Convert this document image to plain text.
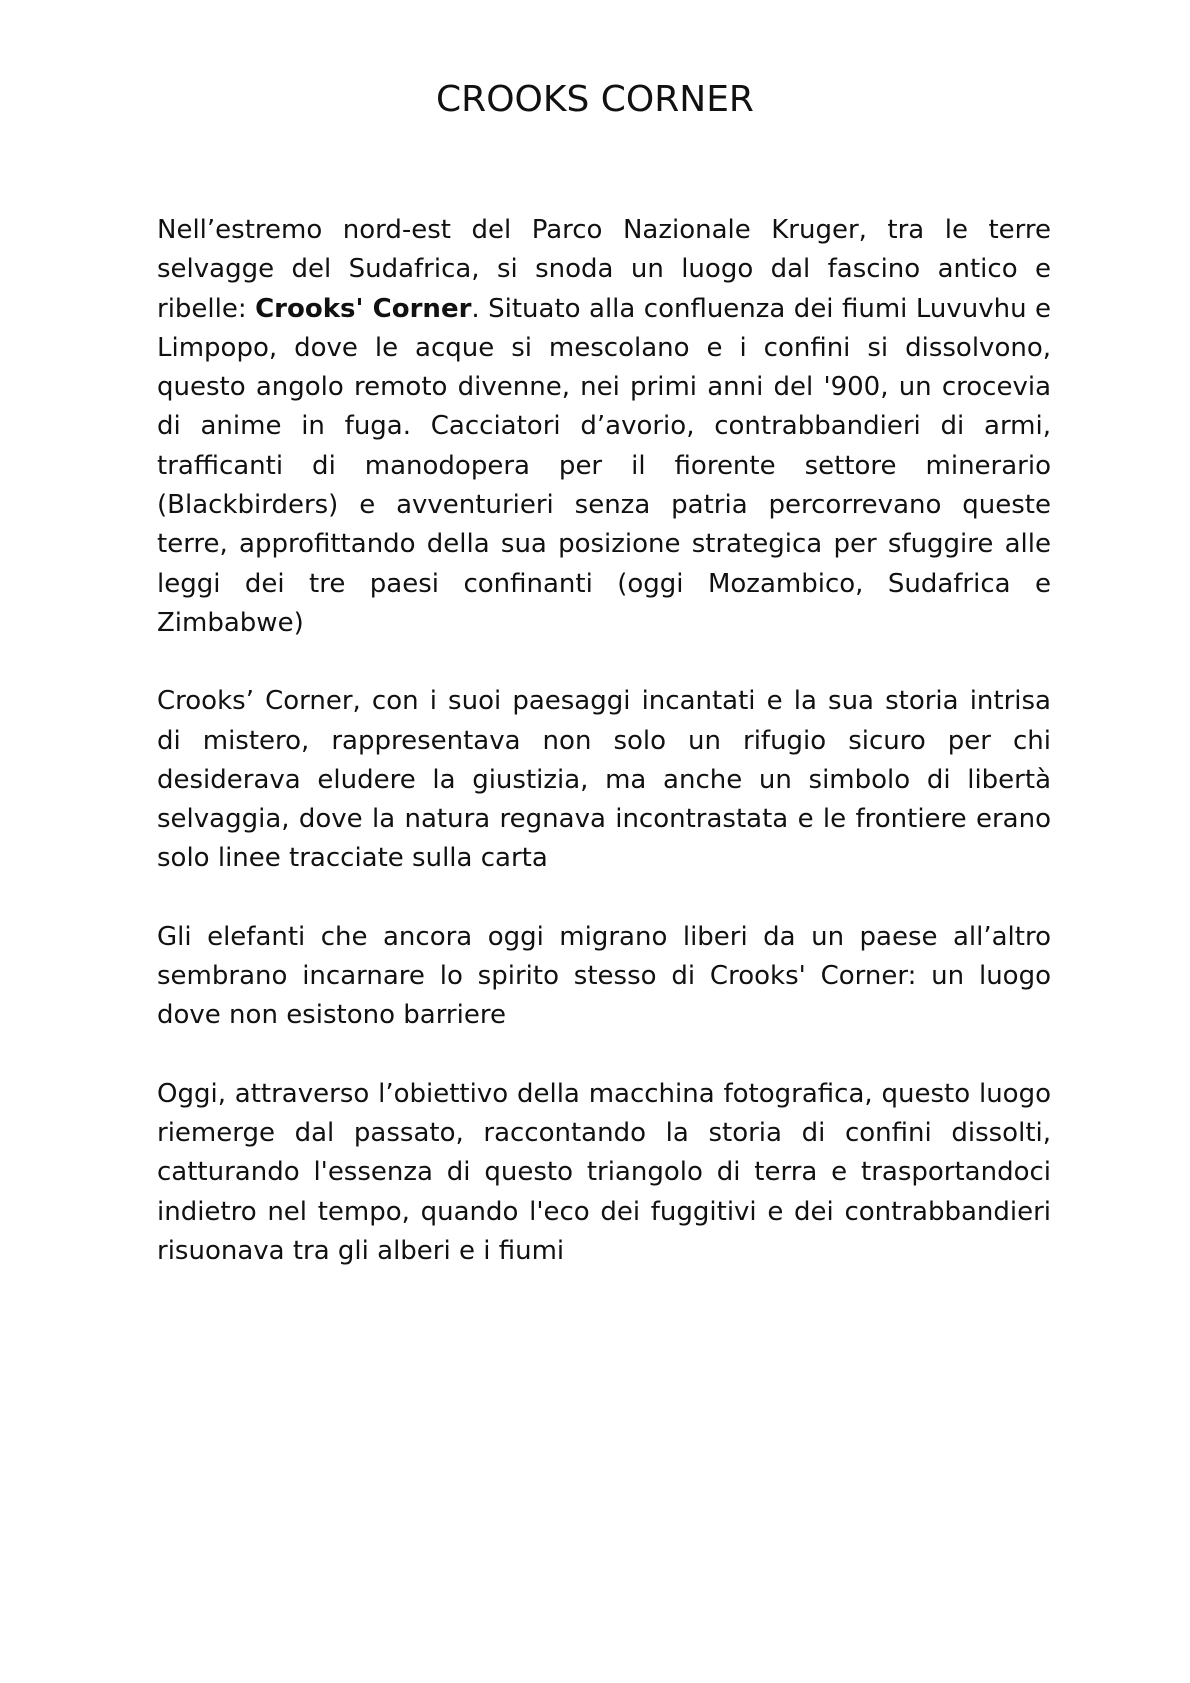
CROOKS CORNER

Nell’estremo nord-est del Parco Nazionale Kruger, tra le terre selvagge del Sudafrica, si snoda un luogo dal fascino antico e ribelle: Crooks' Corner. Situato alla confluenza dei fiumi Luvuvhu e Limpopo, dove le acque si mescolano e i confini si dissolvono, questo angolo remoto divenne, nei primi anni del '900, un crocevia di anime in fuga. Cacciatori d’avorio, contrabbandieri di armi, trafficanti di manodopera per il fiorente settore minerario (Blackbirders) e avventurieri senza patria percorrevano queste terre, approfittando della sua posizione strategica per sfuggire alle leggi dei tre paesi confinanti (oggi Mozambico, Sudafrica e Zimbabwe)

Crooks’ Corner, con i suoi paesaggi incantati e la sua storia intrisa di mistero, rappresentava non solo un rifugio sicuro per chi desiderava eludere la giustizia, ma anche un simbolo di libertà selvaggia, dove la natura regnava incontrastata e le frontiere erano solo linee tracciate sulla carta

Gli elefanti che ancora oggi migrano liberi da un paese all’altro sembrano incarnare lo spirito stesso di Crooks' Corner: un luogo dove non esistono barriere

Oggi, attraverso l’obiettivo della macchina fotografica, questo luogo riemerge dal passato, raccontando la storia di confini dissolti, catturando l'essenza di questo triangolo di terra e trasportandoci indietro nel tempo, quando l'eco dei fuggitivi e dei contrabbandieri risuonava tra gli alberi e i fiumi
